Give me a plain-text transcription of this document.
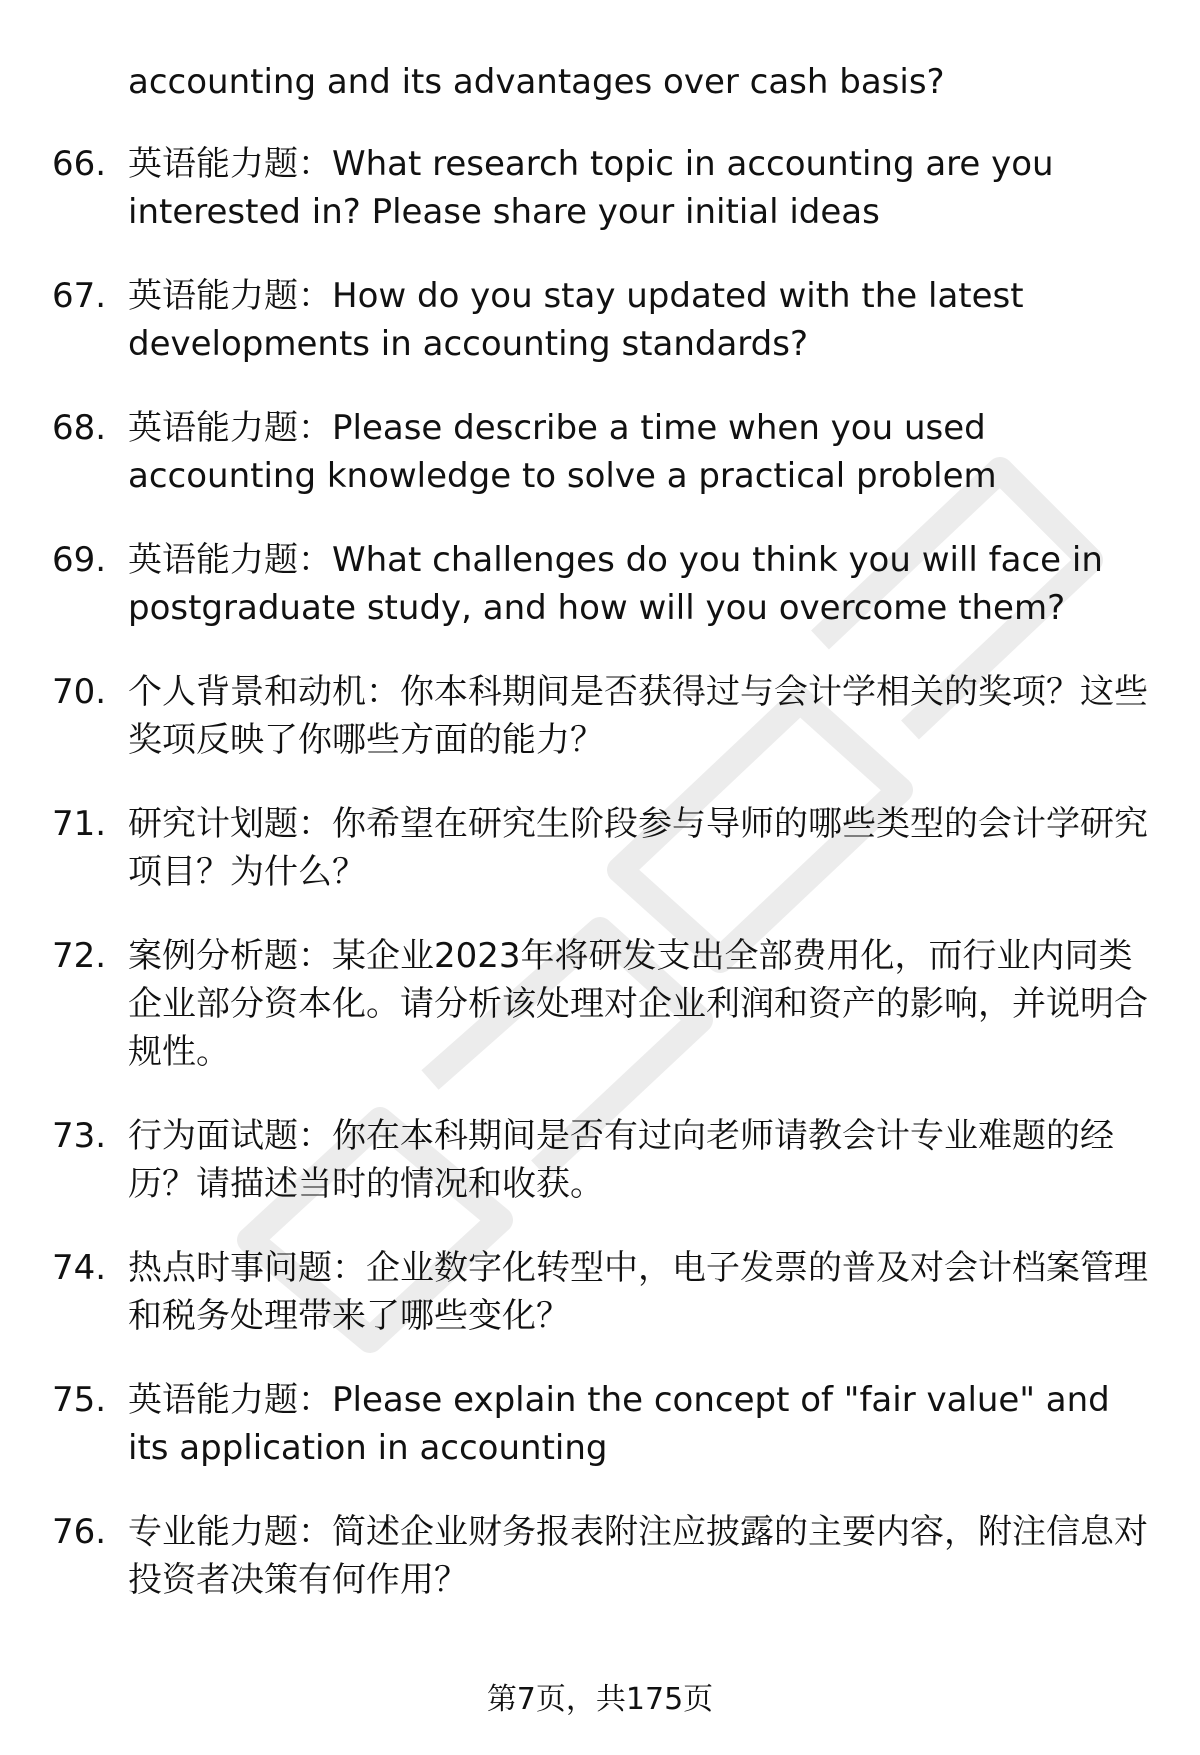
accounting and its advantages over cash basis?

66. 英语能力题：What research topic in accounting are you interested in? Please share your initial ideas
67. 英语能力题：How do you stay updated with the latest developments in accounting standards?
68. 英语能力题：Please describe a time when you used accounting knowledge to solve a practical problem
69. 英语能力题：What challenges do you think you will face in postgraduate study, and how will you overcome them?
70. 个人背景和动机：你本科期间是否获得过与会计学相关的奖项？这些奖项反映了你哪些方面的能力？
71. 研究计划题：你希望在研究生阶段参与导师的哪些类型的会计学研究项目？为什么？
72. 案例分析题：某企业2023年将研发支出全部费用化，而行业内同类企业部分资本化。请分析该处理对企业利润和资产的影响，并说明合规性。
73. 行为面试题：你在本科期间是否有过向老师请教会计专业难题的经历？请描述当时的情况和收获。
74. 热点时事问题：企业数字化转型中，电子发票的普及对会计档案管理和税务处理带来了哪些变化？
75. 英语能力题：Please explain the concept of "fair value" and its application in accounting
76. 专业能力题：简述企业财务报表附注应披露的主要内容，附注信息对投资者决策有何作用？
第7页，共175页
